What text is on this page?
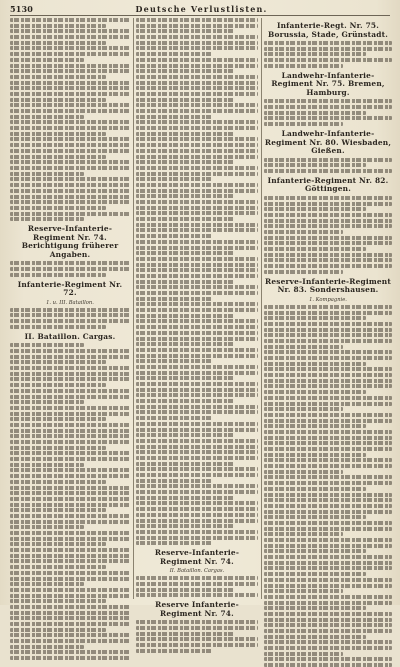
5130	Deutsche Verlustlisten.
Reserve-Infanterie-Regiment Nr. 74. Berichtigung früherer Angaben.
Infanterie-Regiment Nr. 72.
1. u. III. Bataillon.
II. Bataillon. Cargas.
Reserve-Infanterie-Regiment Nr. 74.
II. Bataillon. Cargas.
Reserve Infanterie-Regiment Nr. 74.
Infanterie-Regt. Nr. 75. Borussia, Stade, Grünstadt.
Landwehr-Infanterie-Regiment Nr. 75. Bremen, Hamburg.
Landwehr-Infanterie-Regiment Nr. 80. Wiesbaden, Gießen.
Infanterie-Regiment Nr. 82. Göttingen.
Reserve-Infanterie-Regiment Nr. 83. Sondershausen.
1. Kompagnie.
